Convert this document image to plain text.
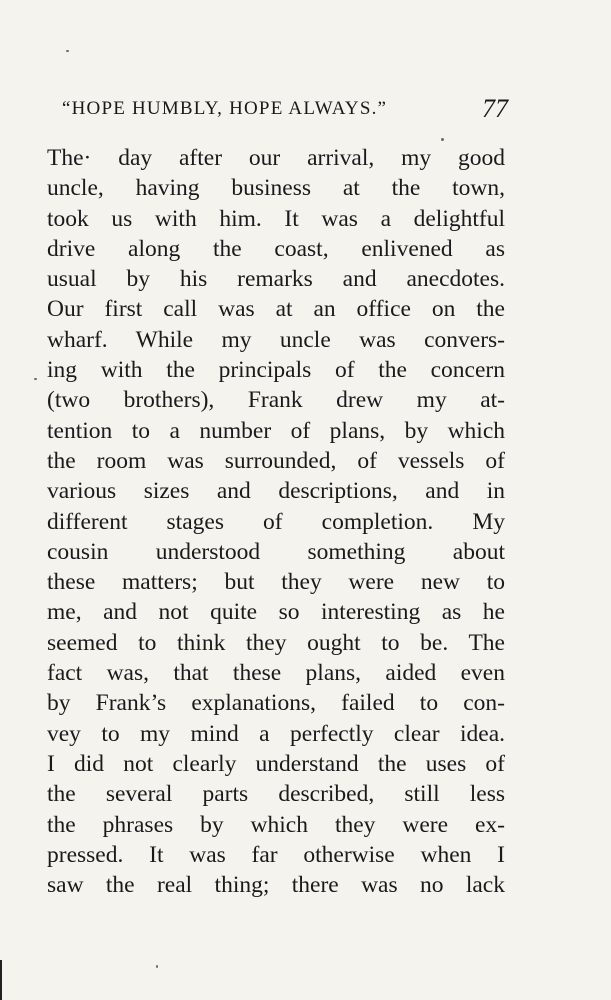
“HOPE HUMBLY, HOPE ALWAYS.”	77
The· day after our arrival, my good
uncle, having business at the town,
took us with him. It was a delightful
drive along the coast, enlivened as
usual by his remarks and anecdotes.
Our first call was at an office on the
wharf. While my uncle was convers-
ing with the principals of the concern
(two brothers), Frank drew my at-
tention to a number of plans, by which
the room was surrounded, of vessels of
various sizes and descriptions, and in
different stages of completion. My
cousin understood something about
these matters; but they were new to
me, and not quite so interesting as he
seemed to think they ought to be. The
fact was, that these plans, aided even
by Frank’s explanations, failed to con-
vey to my mind a perfectly clear idea.
I did not clearly understand the uses of
the several parts described, still less
the phrases by which they were ex-
pressed. It was far otherwise when I
saw the real thing; there was no lack
